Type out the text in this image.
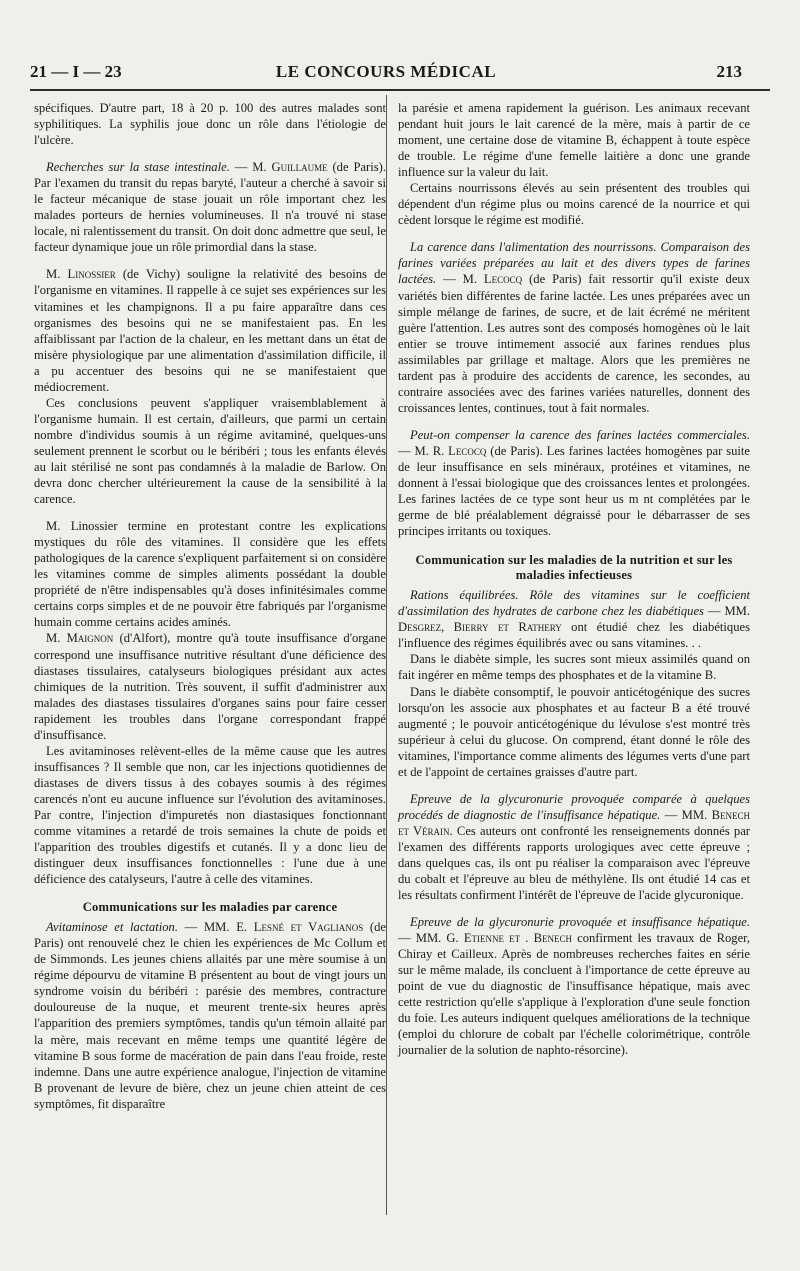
21 — I — 23	LE CONCOURS MÉDICAL	213

spécifiques. D'autre part, 18 à 20 p. 100 des autres malades sont syphilitiques. La syphilis joue donc un rôle dans l'étiologie de l'ulcère.

Recherches sur la stase intestinale. — M. Guillaume (de Paris). Par l'examen du transit du repas baryté, l'auteur a cherché à savoir si le facteur mécanique de stase jouait un rôle important chez les malades porteurs de hernies volumineuses. Il n'a trouvé ni stase locale, ni ralentissement du transit. On doit donc admettre que seul, le facteur dynamique joue un rôle primordial dans la stase.

M. Linossier (de Vichy) souligne la relativité des besoins de l'organisme en vitamines. Il rappelle à ce sujet ses expériences sur les vitamines et les champignons. Il a pu faire apparaître dans ces organismes des besoins qui ne se manifestaient pas. En les affaiblissant par l'action de la chaleur, en les mettant dans un état de misère physiologique par une alimentation d'assimilation difficile, il a pu accentuer des besoins qui ne se manifestaient que médiocrement.

Ces conclusions peuvent s'appliquer vraisemblablement à l'organisme humain. Il est certain, d'ailleurs, que parmi un certain nombre d'individus soumis à un régime avitaminé, quelques-uns seulement prennent le scorbut ou le béribéri ; tous les enfants élevés au lait stérilisé ne sont pas condamnés à la maladie de Barlow. On devra donc chercher ultérieurement la cause de la sensibilité à la carence.

M. Linossier termine en protestant contre les explications mystiques du rôle des vitamines. Il considère que les effets pathologiques de la carence s'expliquent parfaitement si on considère les vitamines comme de simples aliments possédant la double propriété de n'être indispensables qu'à doses infinitésimales comme certains corps simples et de ne pouvoir être fabriqués par l'organisme humain comme certains acides aminés.

M. Maignon (d'Alfort), montre qu'à toute insuffisance d'organe correspond une insuffisance nutritive résultant d'une déficience des diastases tissulaires, catalyseurs biologiques présidant aux actes chimiques de la nutrition. Très souvent, il suffit d'administrer aux malades des diastases tissulaires d'organes sains pour faire cesser rapidement les troubles dans l'organe correspondant frappé d'insuffisance.

Les avitaminoses relèvent-elles de la même cause que les autres insuffisances ? Il semble que non, car les injections quotidiennes de diastases de divers tissus à des cobayes soumis à des régimes carencés n'ont eu aucune influence sur l'évolution des avitaminoses. Par contre, l'injection d'impuretés non diastasiques fonctionnant comme vitamines a retardé de trois semaines la chute de poids et l'apparition des troubles digestifs et cutanés. Il y a donc lieu de distinguer deux insuffisances fonctionnelles : l'une due à une déficience des catalyseurs, l'autre à celle des vitamines.

Communications sur les maladies par carence

Avitaminose et lactation. — MM. E. Lesné et Vaglianos (de Paris) ont renouvelé chez le chien les expériences de Mc Collum et de Simmonds. Les jeunes chiens allaités par une mère soumise à un régime dépourvu de vitamine B présentent au bout de vingt jours un syndrome voisin du béribéri : parésie des membres, contracture douloureuse de la nuque, et meurent trente-six heures après l'apparition des premiers symptômes, tandis qu'un témoin allaité par la mère, mais recevant en même temps une quantité légère de vitamine B sous forme de macération de pain dans l'eau froide, reste indemne. Dans une autre expérience analogue, l'injection de vitamine B provenant de levure de bière, chez un jeune chien atteint de ces symptômes, fit disparaître

la parésie et amena rapidement la guérison. Les animaux recevant pendant huit jours le lait carencé de la mère, mais à partir de ce moment, une certaine dose de vitamine B, échappent à toute espèce de trouble. Le régime d'une femelle laitière a donc une grande influence sur la valeur du lait.

Certains nourrissons élevés au sein présentent des troubles qui dépendent d'un régime plus ou moins carencé de la nourrice et qui cèdent lorsque le régime est modifié.

La carence dans l'alimentation des nourrissons. Comparaison des farines variées préparées au lait et des divers types de farines lactées. — M. Lecocq (de Paris) fait ressortir qu'il existe deux variétés bien différentes de farine lactée. Les unes préparées avec un simple mélange de farines, de sucre, et de lait écrémé ne méritent guère l'attention. Les autres sont des composés homogènes où le lait entier se trouve intimement associé aux farines rendues plus assimilables par grillage et maltage. Alors que les premières ne tardent pas à produire des accidents de carence, les secondes, au contraire associées avec des farines variées naturelles, donnent des croissances lentes, continues, tout à fait normales.

Peut-on compenser la carence des farines lactées commerciales. — M. R. Lecocq (de Paris). Les farines lactées homogènes par suite de leur insuffisance en sels minéraux, protéines et vitamines, ne donnent à l'essai biologique que des croissances lentes et prolongées. Les farines lactées de ce type sont heur us m nt complétées par le germe de blé préalablement dégraissé pour le débarrasser de ses principes irritants ou toxiques.

Communication sur les maladies de la nutrition et sur les maladies infectieuses

Rations équilibrées. Rôle des vitamines sur le coefficient d'assimilation des hydrates de carbone chez les diabétiques — MM. Desgrez, Bierry et Rathery ont étudié chez les diabétiques l'influence des régimes équilibrés avec ou sans vitamines. . .

Dans le diabète simple, les sucres sont mieux assimilés quand on fait ingérer en même temps des phosphates et de la vitamine B.

Dans le diabète consomptif, le pouvoir anticétogénique des sucres lorsqu'on les associe aux phosphates et au facteur B a été trouvé augmenté ; le pouvoir anticétogénique du lévulose s'est montré très supérieur à celui du glucose. On comprend, étant donné le rôle des vitamines, l'importance comme aliments des légumes verts d'une part et de l'appoint de certaines graisses d'autre part.

Epreuve de la glycuronurie provoquée comparée à quelques procédés de diagnostic de l'insuffisance hépatique. — MM. Benech et Vérain. Ces auteurs ont confronté les renseignements donnés par l'examen des différents rapports urologiques avec cette épreuve ; dans quelques cas, ils ont pu réaliser la comparaison avec l'épreuve du cobalt et l'épreuve au bleu de méthylène. Ils ont étudié 14 cas et les résultats confirment l'intérêt de l'épreuve de l'acide glycuronique.

Epreuve de la glycuronurie provoquée et insuffisance hépatique. — MM. G. Etienne et . Benech confirment les travaux de Roger, Chiray et Cailleux. Après de nombreuses recherches faites en série sur le même malade, ils concluent à l'importance de cette épreuve au point de vue du diagnostic de l'insuffisance hépatique, mais avec cette restriction qu'elle s'applique à l'exploration d'une seule fonction du foie. Les auteurs indiquent quelques améliorations de la technique (emploi du chlorure de cobalt par l'échelle colorimétrique, contrôle journalier de la solution de naphto-résorcine).
